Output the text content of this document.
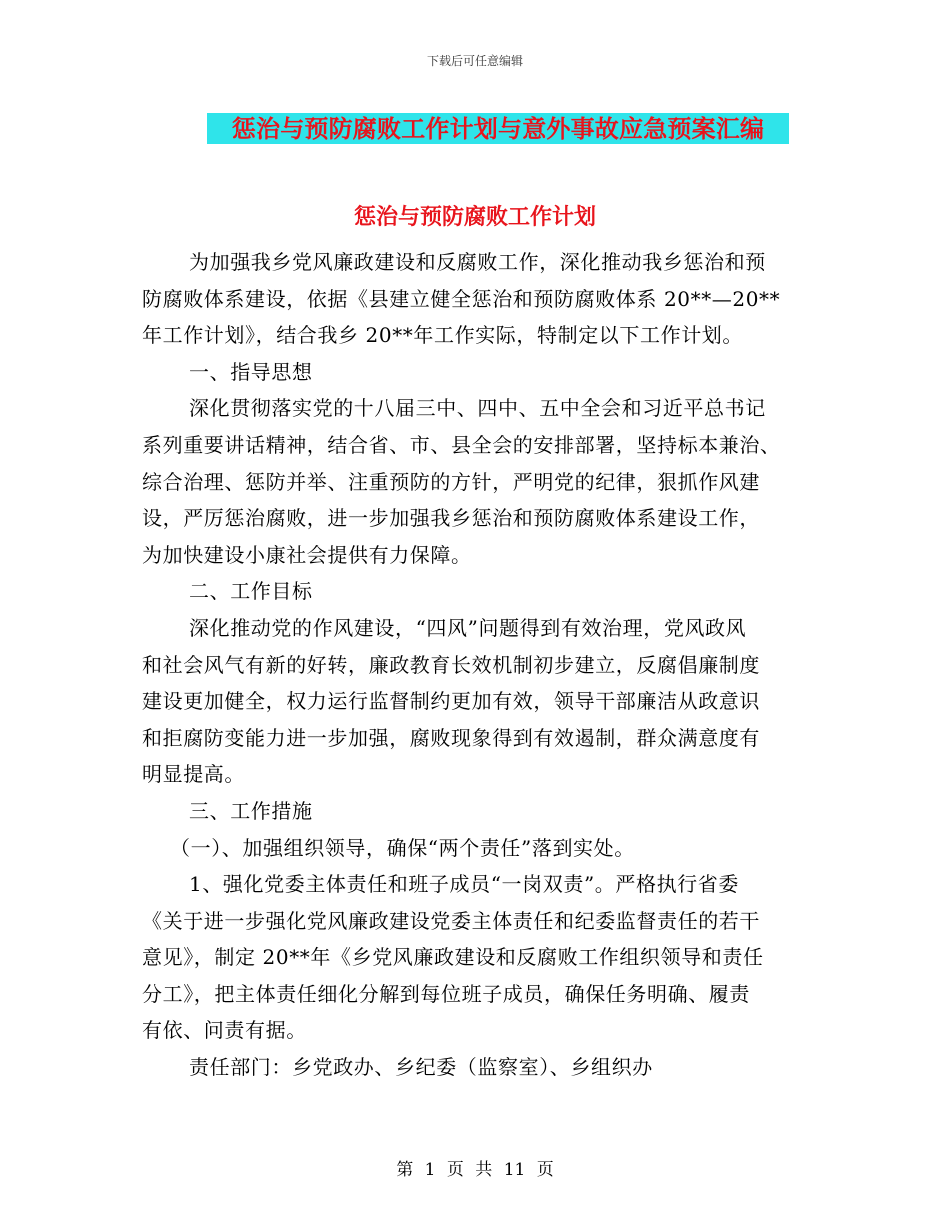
下载后可任意编辑
惩治与预防腐败工作计划与意外事故应急预案汇编
惩治与预防腐败工作计划
为加强我乡党风廉政建设和反腐败工作，深化推动我乡惩治和预
防腐败体系建设，依据《县建立健全惩治和预防腐败体系 20**—20**
年工作计划》，结合我乡 20**年工作实际，特制定以下工作计划。
一、指导思想
深化贯彻落实党的十八届三中、四中、五中全会和习近平总书记
系列重要讲话精神，结合省、市、县全会的安排部署，坚持标本兼治、
综合治理、惩防并举、注重预防的方针，严明党的纪律，狠抓作风建
设，严厉惩治腐败，进一步加强我乡惩治和预防腐败体系建设工作，
为加快建设小康社会提供有力保障。
二、工作目标
深化推动党的作风建设，“四风”问题得到有效治理，党风政风
和社会风气有新的好转，廉政教育长效机制初步建立，反腐倡廉制度
建设更加健全，权力运行监督制约更加有效，领导干部廉洁从政意识
和拒腐防变能力进一步加强，腐败现象得到有效遏制，群众满意度有
明显提高。
三、工作措施
（一）、加强组织领导，确保“两个责任”落到实处。
1、强化党委主体责任和班子成员“一岗双责”。严格执行省委
《关于进一步强化党风廉政建设党委主体责任和纪委监督责任的若干
意见》，制定 20**年《乡党风廉政建设和反腐败工作组织领导和责任
分工》，把主体责任细化分解到每位班子成员，确保任务明确、履责
有依、问责有据。
责任部门：乡党政办、乡纪委（监察室）、乡组织办
第 1 页 共 11 页
